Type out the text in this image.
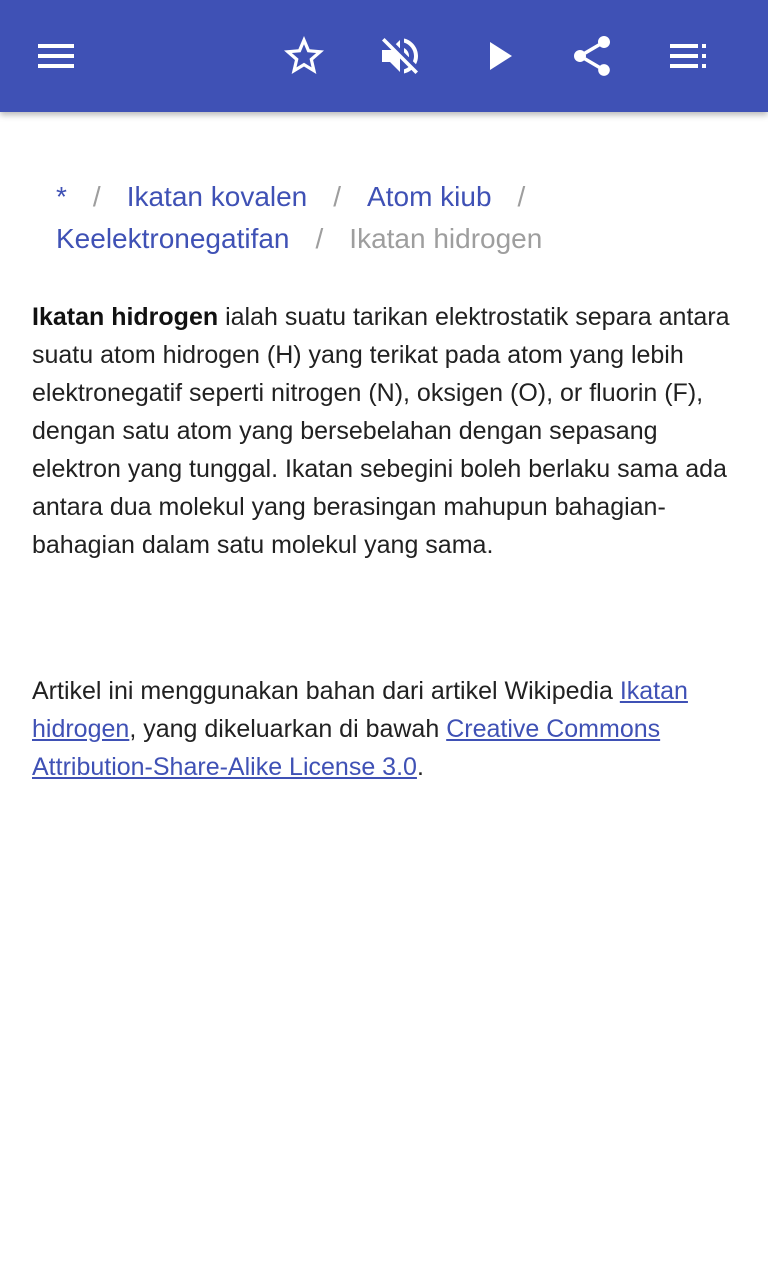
* / Ikatan kovalen / Atom kiub /
Keelektronegatifan / Ikatan hidrogen

Ikatan hidrogen ialah suatu tarikan elektrostatik separa antara suatu atom hidrogen (H) yang terikat pada atom yang lebih elektronegatif seperti nitrogen (N), oksigen (O), or fluorin (F), dengan satu atom yang bersebelahan dengan sepasang elektron yang tunggal. Ikatan sebegini boleh berlaku sama ada antara dua molekul yang berasingan mahupun bahagian-bahagian dalam satu molekul yang sama.

Artikel ini menggunakan bahan dari artikel Wikipedia Ikatan hidrogen, yang dikeluarkan di bawah Creative Commons Attribution-Share-Alike License 3.0.
